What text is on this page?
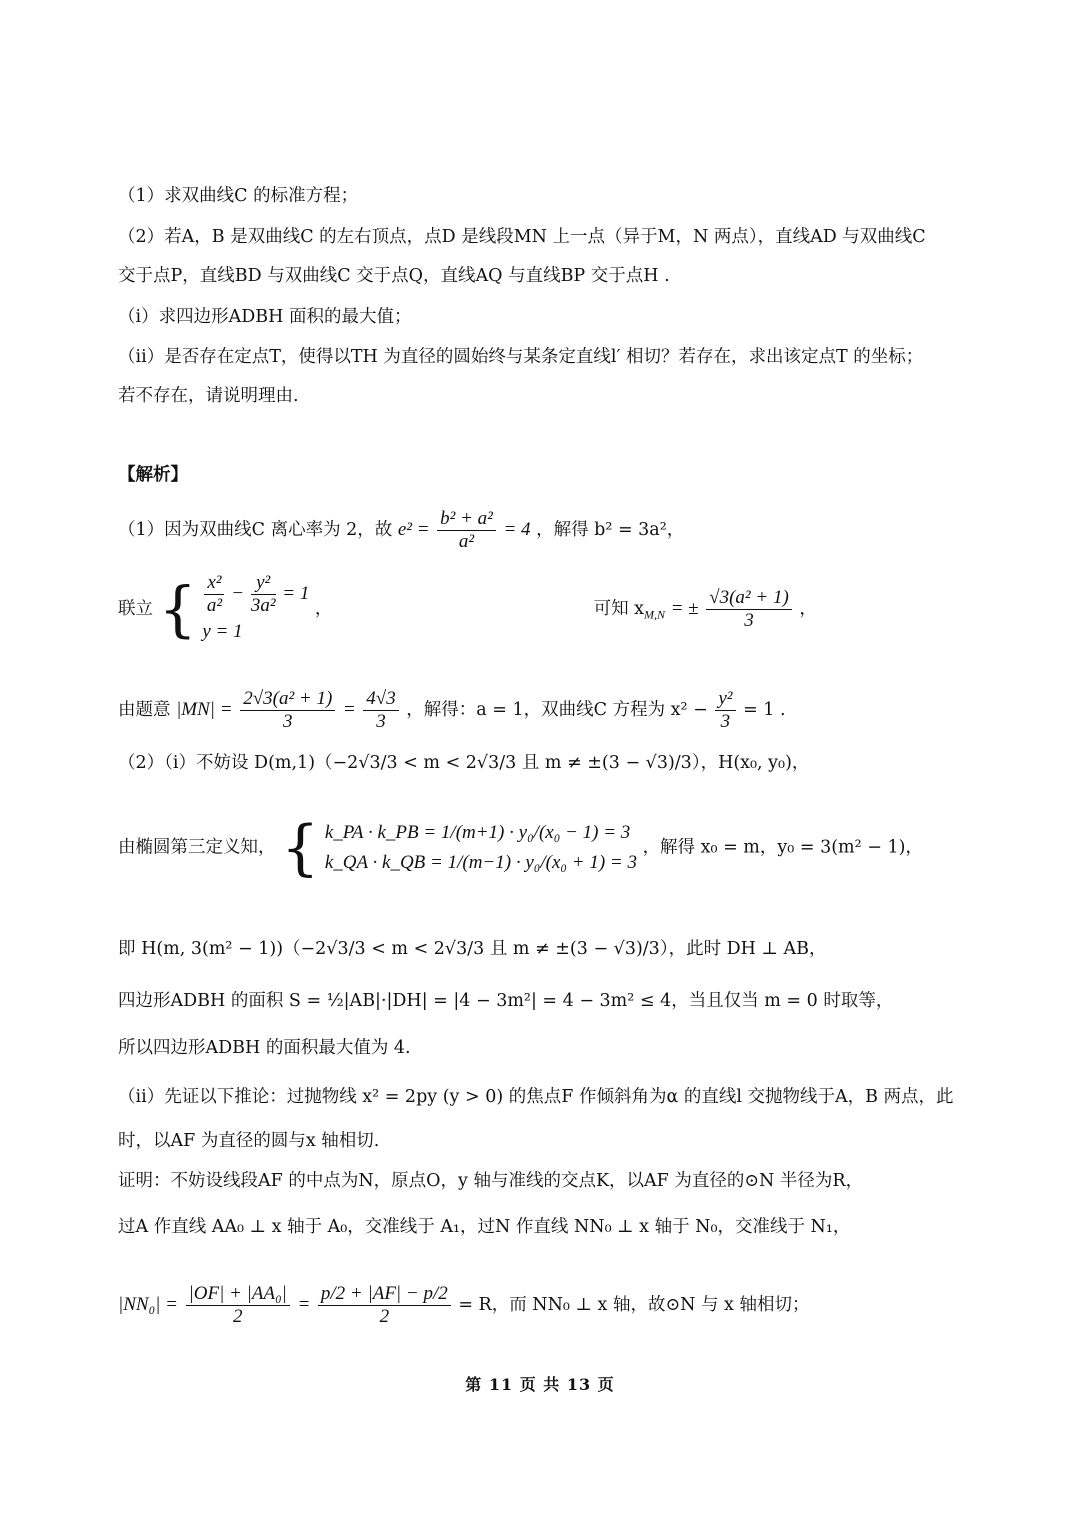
（1）求双曲线C 的标准方程；
（2）若A，B 是双曲线C 的左右顶点，点D 是线段MN 上一点（异于M，N 两点），直线AD 与双曲线C
交于点P，直线BD 与双曲线C 交于点Q，直线AQ 与直线BP 交于点H .
（i）求四边形ADBH 面积的最大值；
（ii）是否存在定点T，使得以TH 为直径的圆始终与某条定直线l′ 相切？若存在，求出该定点T 的坐标；
若不存在，请说明理由.
【解析】
（1）因为双曲线C 离心率为 2，故 $e^2 = \frac{\text{b² + a²}}{\text{a²}} = 4$ ，解得 b² = 3a²，
联立 { $\frac{\text{x²}}{\text{a²}} - \frac{\text{y²}}{\text{3a²}} = 1$
y = 1
，	可知 $x_{M,N}$ = ± $\frac{\text{√3(a² + 1)}}{3}$ ，
由题意 $|MN| = \frac{\text{2√3(a² + 1)}}{3} = \frac{4√3}{3}$ ，解得：a = 1，双曲线C 方程为 $x^2 - \frac{\text{y²}}{3} = 1$ .
（2）（i）不妨设 D(m,1)（−2√3/3 < m < 2√3/3 且 m ≠ ±(3 − √3)/3），H(x₀, y₀)，
由椭圆第三定义知， { k_PA · k_PB = 1/(m+1) · y₀/(x₀ − 1) = 3
k_QA · k_QB = 1/(m−1) · y₀/(x₀ + 1) = 3
，解得 x₀ = m，y₀ = 3(m² − 1)，
即 H(m, 3(m² − 1))（−2√3/3 < m < 2√3/3 且 m ≠ ±(3 − √3)/3），此时 DH ⊥ AB，
四边形ADBH 的面积 S = ½|AB|·|DH| = |4 − 3m²| = 4 − 3m² ≤ 4，当且仅当 m = 0 时取等，
所以四边形ADBH 的面积最大值为 4.
（ii）先证以下推论：过抛物线 x² = 2py (y > 0) 的焦点F 作倾斜角为α 的直线l 交抛物线于A，B 两点，此
时，以AF 为直径的圆与x 轴相切.
证明：不妨设线段AF 的中点为N，原点O，y 轴与准线的交点K，以AF 为直径的⊙N 半径为R，
过A 作直线 AA₀ ⊥ x 轴于 A₀，交准线于 A₁，过N 作直线 NN₀ ⊥ x 轴于 N₀，交准线于 N₁，
$|NN_0| = \frac{\text{|OF| + |AA₀|}}{2} = \frac{p/2 + |AF| - p/2}{2} = R$，而 NN₀ ⊥ x 轴，故⊙N 与 x 轴相切；
第 11 页 共 13 页
